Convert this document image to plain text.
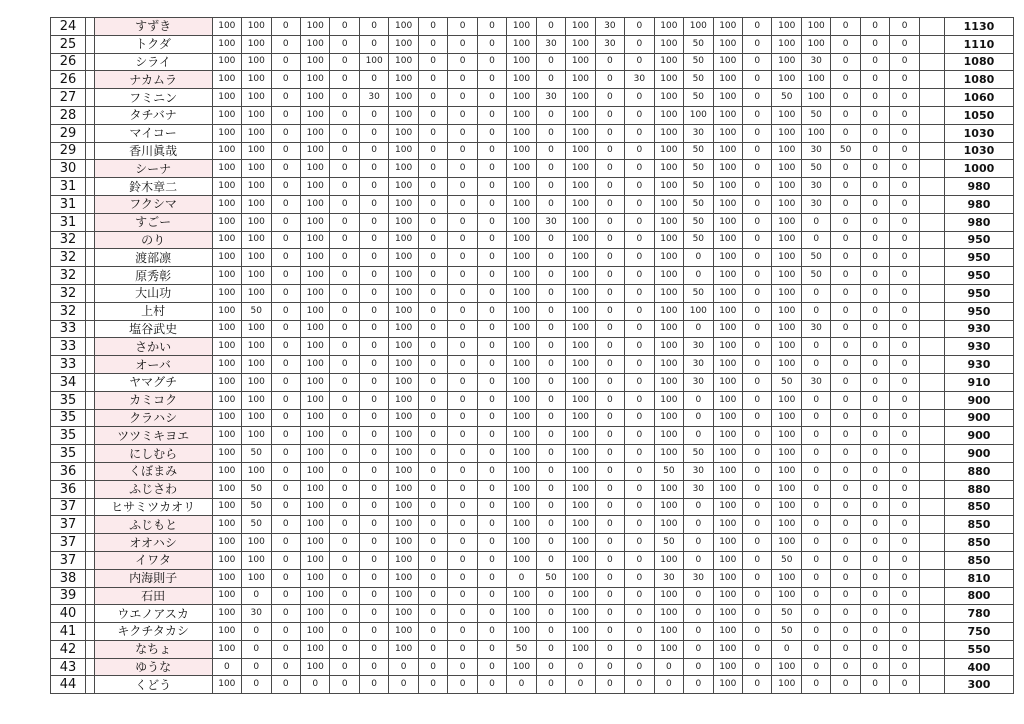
24		すずき	100	100	0	100	0	0	100	0	0	0	100	0	100	30	0	100	100	100	0	100	100	0	0	0		1130
25		トクダ	100	100	0	100	0	0	100	0	0	0	100	30	100	30	0	100	50	100	0	100	100	0	0	0		1110
26		シライ	100	100	0	100	0	100	100	0	0	0	100	0	100	0	0	100	50	100	0	100	30	0	0	0		1080
26		ナカムラ	100	100	0	100	0	0	100	0	0	0	100	0	100	0	30	100	50	100	0	100	100	0	0	0		1080
27		フミニン	100	100	0	100	0	30	100	0	0	0	100	30	100	0	0	100	50	100	0	50	100	0	0	0		1060
28		タチバナ	100	100	0	100	0	0	100	0	0	0	100	0	100	0	0	100	100	100	0	100	50	0	0	0		1050
29		マイコー	100	100	0	100	0	0	100	0	0	0	100	0	100	0	0	100	30	100	0	100	100	0	0	0		1030
29		香川眞哉	100	100	0	100	0	0	100	0	0	0	100	0	100	0	0	100	50	100	0	100	30	50	0	0		1030
30		シーナ	100	100	0	100	0	0	100	0	0	0	100	0	100	0	0	100	50	100	0	100	50	0	0	0		1000
31		鈴木章二	100	100	0	100	0	0	100	0	0	0	100	0	100	0	0	100	50	100	0	100	30	0	0	0		980
31		フクシマ	100	100	0	100	0	0	100	0	0	0	100	0	100	0	0	100	50	100	0	100	30	0	0	0		980
31		すごー	100	100	0	100	0	0	100	0	0	0	100	30	100	0	0	100	50	100	0	100	0	0	0	0		980
32		のり	100	100	0	100	0	0	100	0	0	0	100	0	100	0	0	100	50	100	0	100	0	0	0	0		950
32		渡部凛	100	100	0	100	0	0	100	0	0	0	100	0	100	0	0	100	0	100	0	100	50	0	0	0		950
32		原秀彰	100	100	0	100	0	0	100	0	0	0	100	0	100	0	0	100	0	100	0	100	50	0	0	0		950
32		大山功	100	100	0	100	0	0	100	0	0	0	100	0	100	0	0	100	50	100	0	100	0	0	0	0		950
32		上村	100	50	0	100	0	0	100	0	0	0	100	0	100	0	0	100	100	100	0	100	0	0	0	0		950
33		塩谷武史	100	100	0	100	0	0	100	0	0	0	100	0	100	0	0	100	0	100	0	100	30	0	0	0		930
33		さかい	100	100	0	100	0	0	100	0	0	0	100	0	100	0	0	100	30	100	0	100	0	0	0	0		930
33		オーバ	100	100	0	100	0	0	100	0	0	0	100	0	100	0	0	100	30	100	0	100	0	0	0	0		930
34		ヤマグチ	100	100	0	100	0	0	100	0	0	0	100	0	100	0	0	100	30	100	0	50	30	0	0	0		910
35		カミコク	100	100	0	100	0	0	100	0	0	0	100	0	100	0	0	100	0	100	0	100	0	0	0	0		900
35		クラハシ	100	100	0	100	0	0	100	0	0	0	100	0	100	0	0	100	0	100	0	100	0	0	0	0		900
35		ツツミキヨエ	100	100	0	100	0	0	100	0	0	0	100	0	100	0	0	100	0	100	0	100	0	0	0	0		900
35		にしむら	100	50	0	100	0	0	100	0	0	0	100	0	100	0	0	100	50	100	0	100	0	0	0	0		900
36		くぼまみ	100	100	0	100	0	0	100	0	0	0	100	0	100	0	0	50	30	100	0	100	0	0	0	0		880
36		ふじさわ	100	50	0	100	0	0	100	0	0	0	100	0	100	0	0	100	30	100	0	100	0	0	0	0		880
37		ヒサミツカオリ	100	50	0	100	0	0	100	0	0	0	100	0	100	0	0	100	0	100	0	100	0	0	0	0		850
37		ふじもと	100	50	0	100	0	0	100	0	0	0	100	0	100	0	0	100	0	100	0	100	0	0	0	0		850
37		オオハシ	100	100	0	100	0	0	100	0	0	0	100	0	100	0	0	50	0	100	0	100	0	0	0	0		850
37		イワタ	100	100	0	100	0	0	100	0	0	0	100	0	100	0	0	100	0	100	0	50	0	0	0	0		850
38		内海則子	100	100	0	100	0	0	100	0	0	0	0	50	100	0	0	30	30	100	0	100	0	0	0	0		810
39		石田	100	0	0	100	0	0	100	0	0	0	100	0	100	0	0	100	0	100	0	100	0	0	0	0		800
40		ウエノアスカ	100	30	0	100	0	0	100	0	0	0	100	0	100	0	0	100	0	100	0	50	0	0	0	0		780
41		キクチタカシ	100	0	0	100	0	0	100	0	0	0	100	0	100	0	0	100	0	100	0	50	0	0	0	0		750
42		なちょ	100	0	0	100	0	0	100	0	0	0	50	0	100	0	0	100	0	100	0	0	0	0	0	0		550
43		ゆうな	0	0	0	100	0	0	0	0	0	0	100	0	0	0	0	0	0	100	0	100	0	0	0	0		400
44		くどう	100	0	0	0	0	0	0	0	0	0	0	0	0	0	0	0	0	100	0	100	0	0	0	0		300
